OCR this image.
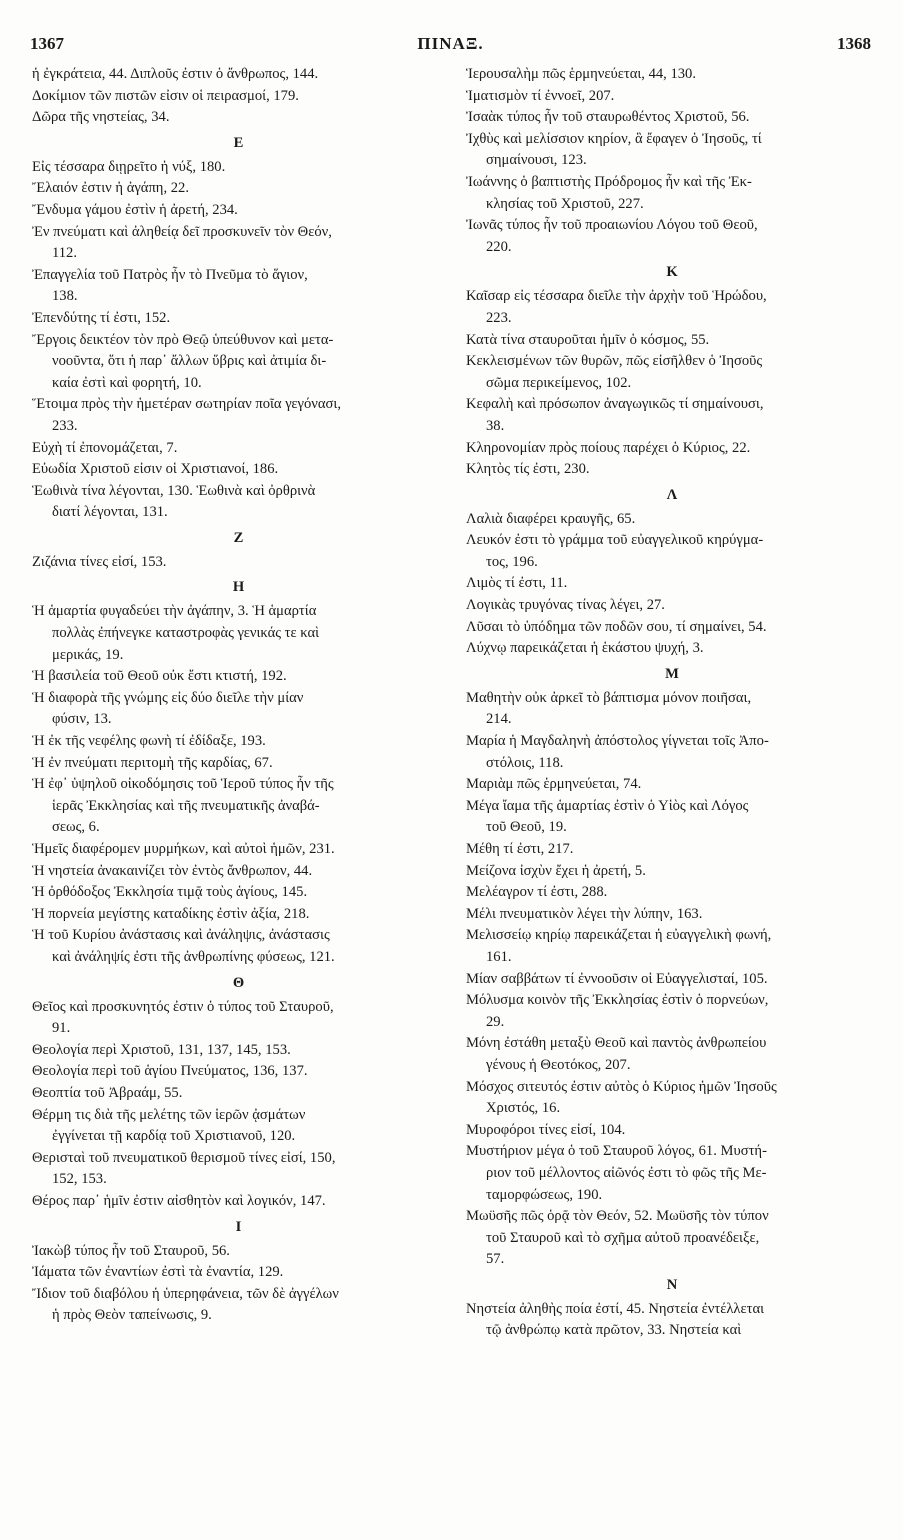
1367	ΠΙΝΑΞ.	1368
ἡ ἐγκράτεια, 44. Διπλοῦς ἐστιν ὁ ἄνθρωπος, 144.
Δοκίμιον τῶν πιστῶν εἰσιν οἱ πειρασμοί, 179.
Δῶρα τῆς νηστείας, 34.
Ε
Εἰς τέσσαρα διῃρεῖτο ἡ νύξ, 180.
Ἔλαιόν ἐστιν ἡ ἀγάπη, 22.
Ἔνδυμα γάμου ἐστὶν ἡ ἀρετή, 234.
Ἐν πνεύματι καὶ ἀληθείᾳ δεῖ προσκυνεῖν τὸν Θεόν,
112.
Ἐπαγγελία τοῦ Πατρὸς ἦν τὸ Πνεῦμα τὸ ἅγιον,
138.
Ἐπενδύτης τί ἐστι, 152.
Ἔργοις δεικτέον τὸν πρὸ Θεῷ ὑπεύθυνον καὶ μετα-
νοοῦντα, ὅτι ἡ παρ᾽ ἄλλων ὕβρις καὶ ἀτιμία δι-
καία ἐστὶ καὶ φορητή, 10.
Ἕτοιμα πρὸς τὴν ἡμετέραν σωτηρίαν ποῖα γεγόνασι,
233.
Εὐχὴ τί ἐπονομάζεται, 7.
Εὐωδία Χριστοῦ εἰσιν οἱ Χριστιανοί, 186.
Ἑωθινὰ τίνα λέγονται, 130. Ἑωθινὰ καὶ ὀρθρινὰ
διατί λέγονται, 131.
Ζ
Ζιζάνια τίνες εἰσί, 153.
Η
Ἡ ἁμαρτία φυγαδεύει τὴν ἀγάπην, 3. Ἡ ἁμαρτία
πολλὰς ἐπήνεγκε καταστροφὰς γενικάς τε καὶ
μερικάς, 19.
Ἡ βασιλεία τοῦ Θεοῦ οὐκ ἔστι κτιστή, 192.
Ἡ διαφορὰ τῆς γνώμης εἰς δύο διεῖλε τὴν μίαν
φύσιν, 13.
Ἡ ἐκ τῆς νεφέλης φωνὴ τί ἐδίδαξε, 193.
Ἡ ἐν πνεύματι περιτομὴ τῆς καρδίας, 67.
Ἡ ἐφ᾽ ὑψηλοῦ οἰκοδόμησις τοῦ Ἱεροῦ τύπος ἦν τῆς
ἱερᾶς Ἐκκλησίας καὶ τῆς πνευματικῆς ἀναβά-
σεως, 6.
Ἡμεῖς διαφέρομεν μυρμήκων, καὶ αὐτοὶ ἡμῶν, 231.
Ἡ νηστεία ἀνακαινίζει τὸν ἐντὸς ἄνθρωπον, 44.
Ἡ ὀρθόδοξος Ἐκκλησία τιμᾷ τοὺς ἁγίους, 145.
Ἡ πορνεία μεγίστης καταδίκης ἐστὶν ἀξία, 218.
Ἡ τοῦ Κυρίου ἀνάστασις καὶ ἀνάληψις, ἀνάστασις
καὶ ἀνάληψίς ἐστι τῆς ἀνθρωπίνης φύσεως, 121.
Θ
Θεῖος καὶ προσκυνητός ἐστιν ὁ τύπος τοῦ Σταυροῦ,
91.
Θεολογία περὶ Χριστοῦ, 131, 137, 145, 153.
Θεολογία περὶ τοῦ ἁγίου Πνεύματος, 136, 137.
Θεοπτία τοῦ Ἀβραάμ, 55.
Θέρμη τις διὰ τῆς μελέτης τῶν ἱερῶν ᾀσμάτων
ἐγγίνεται τῇ καρδίᾳ τοῦ Χριστιανοῦ, 120.
Θερισταὶ τοῦ πνευματικοῦ θερισμοῦ τίνες εἰσί, 150,
152, 153.
Θέρος παρ᾽ ἡμῖν ἐστιν αἰσθητὸν καὶ λογικόν, 147.
Ι
Ἰακὼβ τύπος ἦν τοῦ Σταυροῦ, 56.
Ἰάματα τῶν ἐναντίων ἐστὶ τὰ ἐναντία, 129.
Ἴδιον τοῦ διαβόλου ἡ ὑπερηφάνεια, τῶν δὲ ἀγγέλων
ἡ πρὸς Θεὸν ταπείνωσις, 9.
Ἱερουσαλὴμ πῶς ἑρμηνεύεται, 44, 130.
Ἱματισμὸν τί ἐννοεῖ, 207.
Ἰσαὰκ τύπος ἦν τοῦ σταυρωθέντος Χριστοῦ, 56.
Ἰχθὺς καὶ μελίσσιον κηρίον, ἃ ἔφαγεν ὁ Ἰησοῦς, τί
σημαίνουσι, 123.
Ἰωάννης ὁ βαπτιστὴς Πρόδρομος ἦν καὶ τῆς Ἐκ-
κλησίας τοῦ Χριστοῦ, 227.
Ἰωνᾶς τύπος ἦν τοῦ προαιωνίου Λόγου τοῦ Θεοῦ,
220.
Κ
Καῖσαρ εἰς τέσσαρα διεῖλε τὴν ἀρχὴν τοῦ Ἡρώδου,
223.
Κατὰ τίνα σταυροῦται ἡμῖν ὁ κόσμος, 55.
Κεκλεισμένων τῶν θυρῶν, πῶς εἰσῆλθεν ὁ Ἰησοῦς
σῶμα περικείμενος, 102.
Κεφαλὴ καὶ πρόσωπον ἀναγωγικῶς τί σημαίνουσι,
38.
Κληρονομίαν πρὸς ποίους παρέχει ὁ Κύριος, 22.
Κλητὸς τίς ἐστι, 230.
Λ
Λαλιὰ διαφέρει κραυγῆς, 65.
Λευκόν ἐστι τὸ γράμμα τοῦ εὐαγγελικοῦ κηρύγμα-
τος, 196.
Λιμὸς τί ἐστι, 11.
Λογικὰς τρυγόνας τίνας λέγει, 27.
Λῦσαι τὸ ὑπόδημα τῶν ποδῶν σου, τί σημαίνει, 54.
Λύχνῳ παρεικάζεται ἡ ἑκάστου ψυχή, 3.
Μ
Μαθητὴν οὐκ ἀρκεῖ τὸ βάπτισμα μόνον ποιῆσαι,
214.
Μαρία ἡ Μαγδαληνὴ ἀπόστολος γίγνεται τοῖς Ἀπο-
στόλοις, 118.
Μαριὰμ πῶς ἑρμηνεύεται, 74.
Μέγα ἴαμα τῆς ἁμαρτίας ἐστὶν ὁ Υἱὸς καὶ Λόγος
τοῦ Θεοῦ, 19.
Μέθη τί ἐστι, 217.
Μείζονα ἰσχὺν ἔχει ἡ ἀρετή, 5.
Μελέαγρον τί ἐστι, 288.
Μέλι πνευματικὸν λέγει τὴν λύπην, 163.
Μελισσείῳ κηρίῳ παρεικάζεται ἡ εὐαγγελικὴ φωνή,
161.
Μίαν σαββάτων τί ἐννοοῦσιν οἱ Εὐαγγελισταί, 105.
Μόλυσμα κοινὸν τῆς Ἐκκλησίας ἐστὶν ὁ πορνεύων,
29.
Μόνη ἐστάθη μεταξὺ Θεοῦ καὶ παντὸς ἀνθρωπείου
γένους ἡ Θεοτόκος, 207.
Μόσχος σιτευτός ἐστιν αὐτὸς ὁ Κύριος ἡμῶν Ἰησοῦς
Χριστός, 16.
Μυροφόροι τίνες εἰσί, 104.
Μυστήριον μέγα ὁ τοῦ Σταυροῦ λόγος, 61. Μυστή-
ριον τοῦ μέλλοντος αἰῶνός ἐστι τὸ φῶς τῆς Με-
ταμορφώσεως, 190.
Μωϋσῆς πῶς ὁρᾷ τὸν Θεόν, 52. Μωϋσῆς τὸν τύπον
τοῦ Σταυροῦ καὶ τὸ σχῆμα αὐτοῦ προανέδειξε,
57.
Ν
Νηστεία ἀληθὴς ποία ἐστί, 45. Νηστεία ἐντέλλεται
τῷ ἀνθρώπῳ κατὰ πρῶτον, 33. Νηστεία καὶ
